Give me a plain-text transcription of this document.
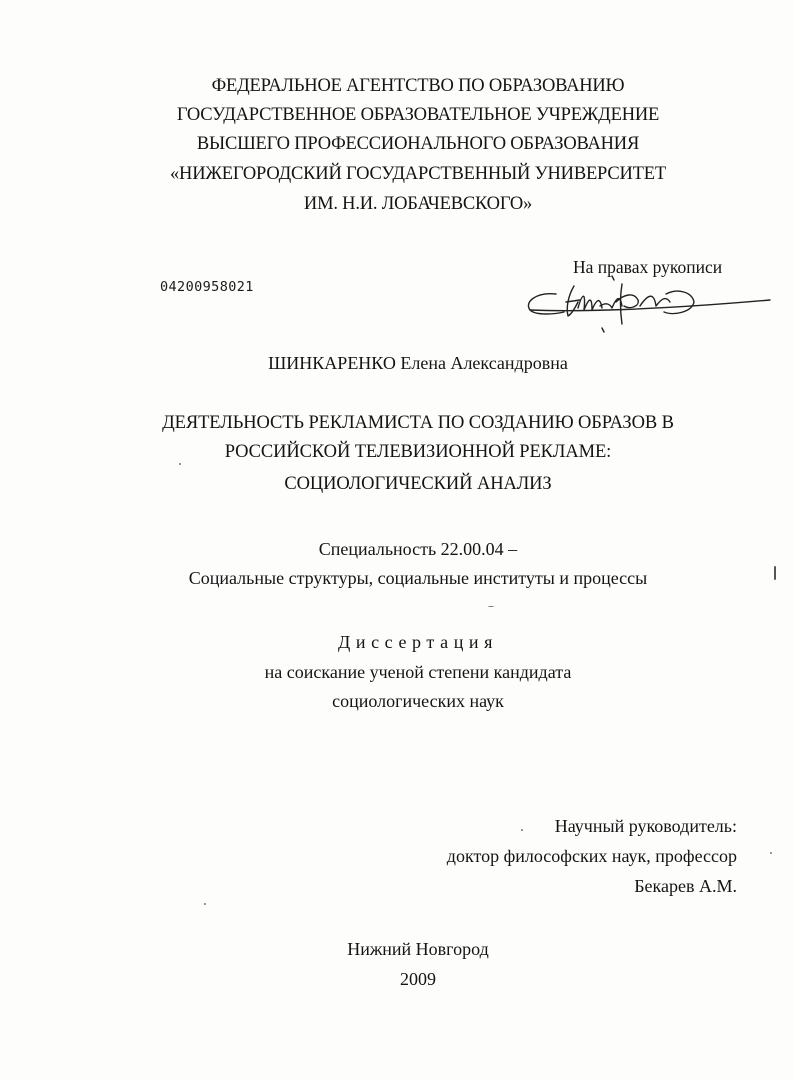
ФЕДЕРАЛЬНОЕ АГЕНТСТВО ПО ОБРАЗОВАНИЮ
ГОСУДАРСТВЕННОЕ ОБРАЗОВАТЕЛЬНОЕ УЧРЕЖДЕНИЕ
ВЫСШЕГО ПРОФЕССИОНАЛЬНОГО ОБРАЗОВАНИЯ
«НИЖЕГОРОДСКИЙ ГОСУДАРСТВЕННЫЙ УНИВЕРСИТЕТ
ИМ. Н.И. ЛОБАЧЕВСКОГО»
На правах рукописи
04200958021
ШИНКАРЕНКО Елена Александровна
ДЕЯТЕЛЬНОСТЬ РЕКЛАМИСТА ПО СОЗДАНИЮ ОБРАЗОВ В
РОССИЙСКОЙ ТЕЛЕВИЗИОННОЙ РЕКЛАМЕ:
СОЦИОЛОГИЧЕСКИЙ АНАЛИЗ
Специальность 22.00.04 –
Социальные структуры, социальные институты и процессы
Диссертация
на соискание ученой степени кандидата
социологических наук
Научный руководитель:
доктор философских наук, профессор
Бекарев А.М.
Нижний Новгород
2009
